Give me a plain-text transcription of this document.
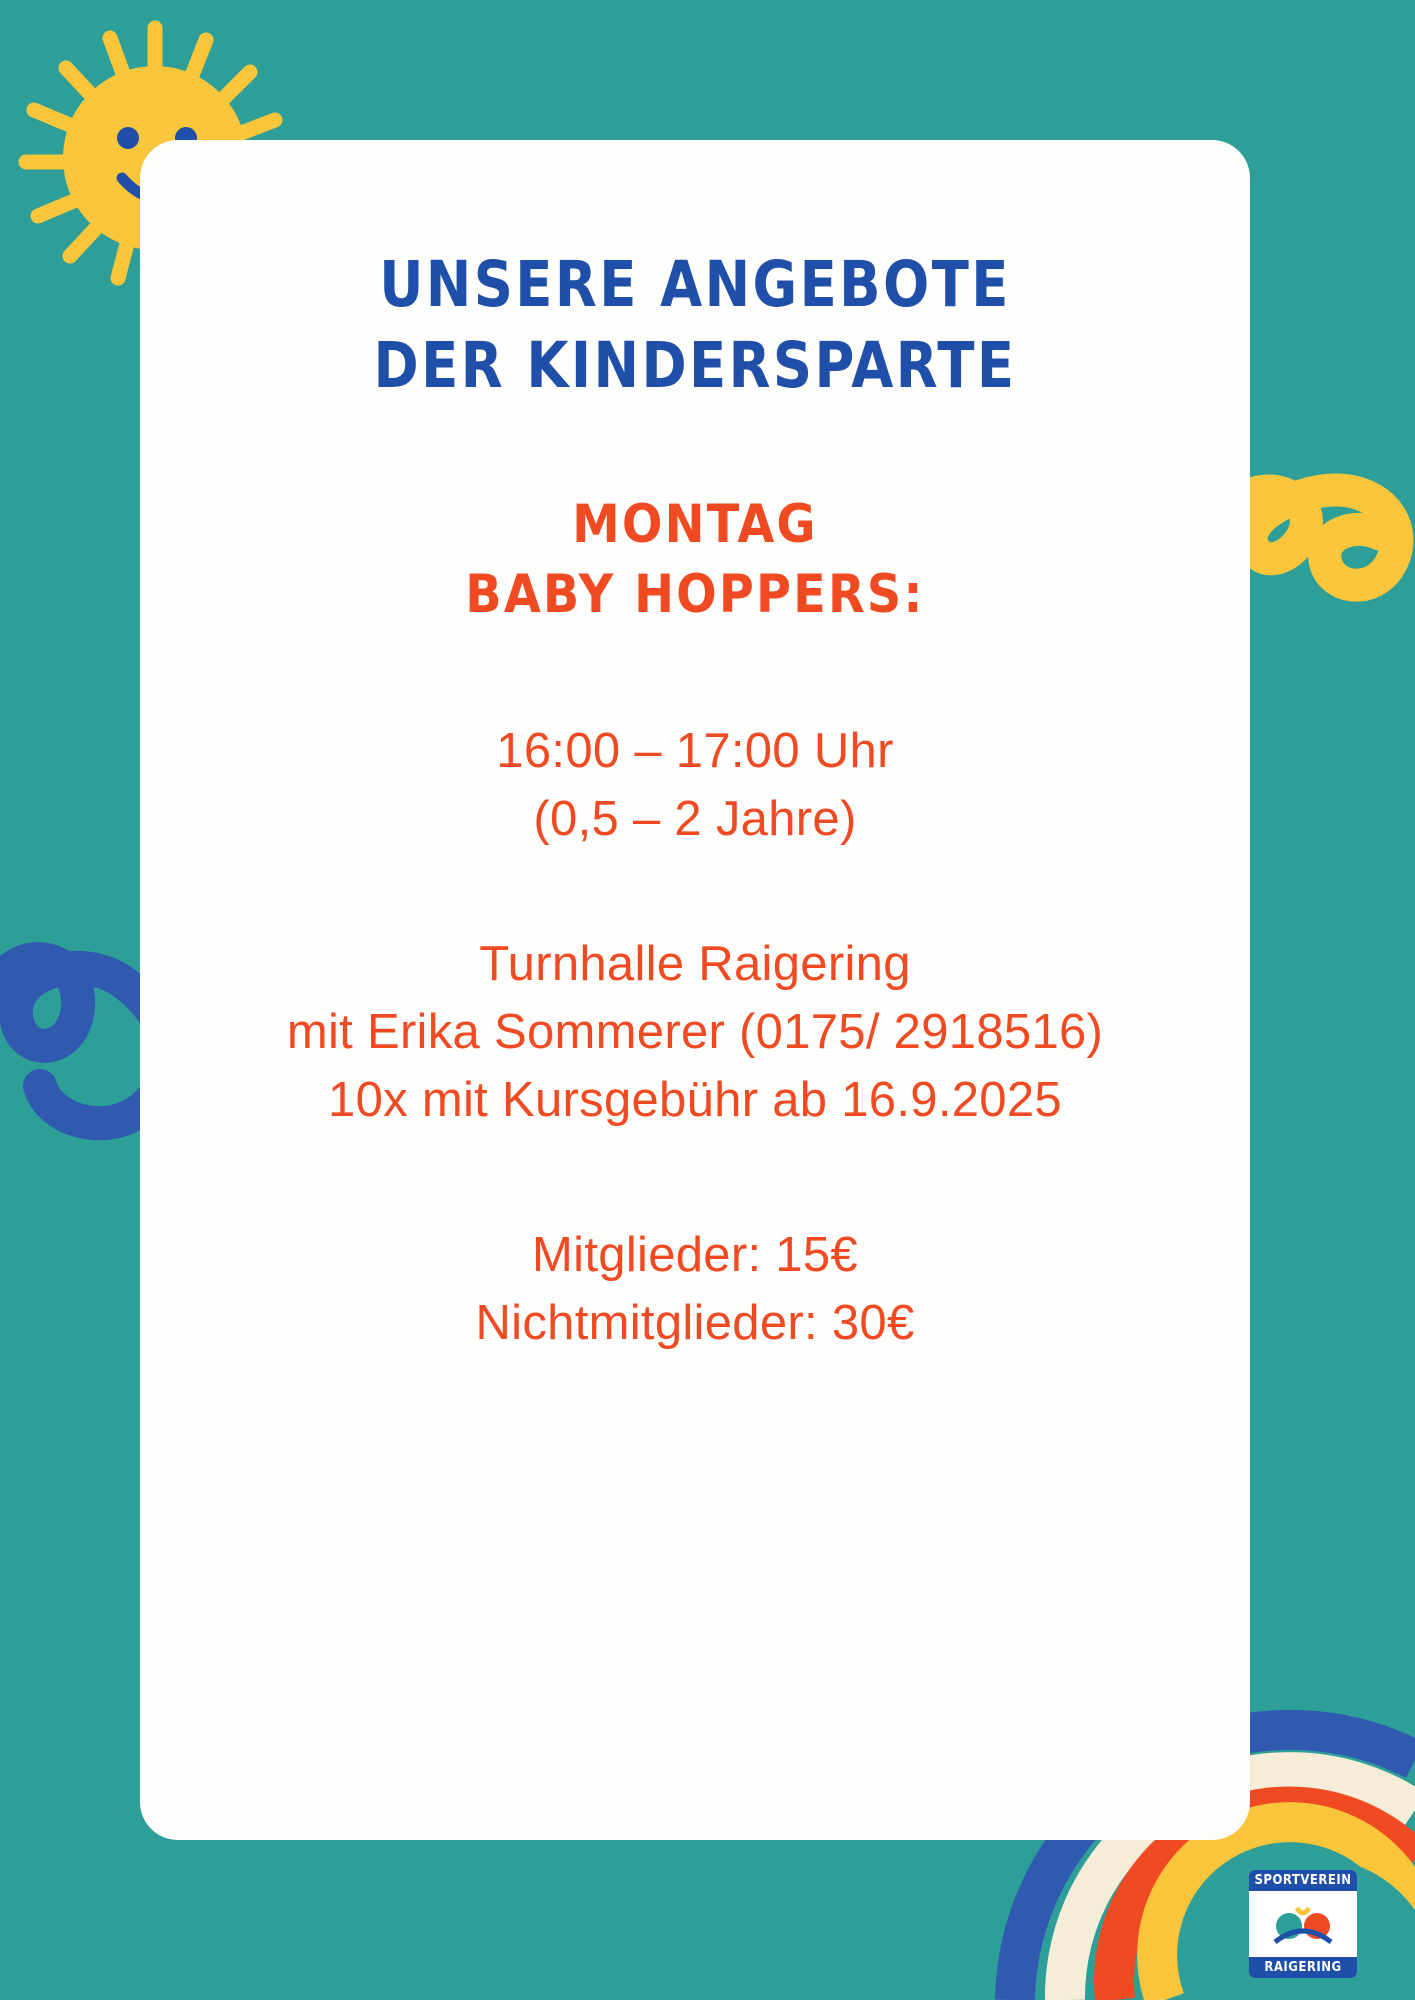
UNSERE ANGEBOTE
DER KINDERSPARTE
MONTAG
BABY HOPPERS:
16:00 – 17:00 Uhr
(0,5 – 2 Jahre)
Turnhalle Raigering
mit Erika Sommerer (0175/ 2918516)
10x mit Kursgebühr ab 16.9.2025
Mitglieder: 15€
Nichtmitglieder: 30€
SPORTVEREIN
RAIGERING
